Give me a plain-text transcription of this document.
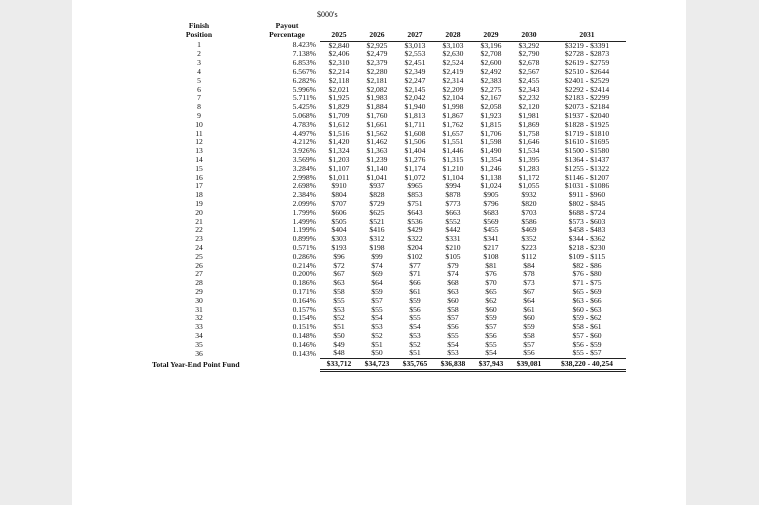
$000's
Finish	Payout							
Position	Percentage	2025	2026	2027	2028	2029	2030	2031
1	8.423%	$2,840	$2,925	$3,013	$3,103	$3,196	$3,292	$3219 - $3391
2	7.138%	$2,406	$2,479	$2,553	$2,630	$2,708	$2,790	$2728 - $2873
3	6.853%	$2,310	$2,379	$2,451	$2,524	$2,600	$2,678	$2619 - $2759
4	6.567%	$2,214	$2,280	$2,349	$2,419	$2,492	$2,567	$2510 - $2644
5	6.282%	$2,118	$2,181	$2,247	$2,314	$2,383	$2,455	$2401 - $2529
6	5.996%	$2,021	$2,082	$2,145	$2,209	$2,275	$2,343	$2292 - $2414
7	5.711%	$1,925	$1,983	$2,042	$2,104	$2,167	$2,232	$2183 - $2299
8	5.425%	$1,829	$1,884	$1,940	$1,998	$2,058	$2,120	$2073 - $2184
9	5.068%	$1,709	$1,760	$1,813	$1,867	$1,923	$1,981	$1937 - $2040
10	4.783%	$1,612	$1,661	$1,711	$1,762	$1,815	$1,869	$1828 - $1925
11	4.497%	$1,516	$1,562	$1,608	$1,657	$1,706	$1,758	$1719 - $1810
12	4.212%	$1,420	$1,462	$1,506	$1,551	$1,598	$1,646	$1610 - $1695
13	3.926%	$1,324	$1,363	$1,404	$1,446	$1,490	$1,534	$1500 - $1580
14	3.569%	$1,203	$1,239	$1,276	$1,315	$1,354	$1,395	$1364 - $1437
15	3.284%	$1,107	$1,140	$1,174	$1,210	$1,246	$1,283	$1255 - $1322
16	2.998%	$1,011	$1,041	$1,072	$1,104	$1,138	$1,172	$1146 - $1207
17	2.698%	$910	$937	$965	$994	$1,024	$1,055	$1031 - $1086
18	2.384%	$804	$828	$853	$878	$905	$932	$911 - $960
19	2.099%	$707	$729	$751	$773	$796	$820	$802 - $845
20	1.799%	$606	$625	$643	$663	$683	$703	$688 - $724
21	1.499%	$505	$521	$536	$552	$569	$586	$573 - $603
22	1.199%	$404	$416	$429	$442	$455	$469	$458 - $483
23	0.899%	$303	$312	$322	$331	$341	$352	$344 - $362
24	0.571%	$193	$198	$204	$210	$217	$223	$218 - $230
25	0.286%	$96	$99	$102	$105	$108	$112	$109 - $115
26	0.214%	$72	$74	$77	$79	$81	$84	$82 - $86
27	0.200%	$67	$69	$71	$74	$76	$78	$76 - $80
28	0.186%	$63	$64	$66	$68	$70	$73	$71 - $75
29	0.171%	$58	$59	$61	$63	$65	$67	$65 - $69
30	0.164%	$55	$57	$59	$60	$62	$64	$63 - $66
31	0.157%	$53	$55	$56	$58	$60	$61	$60 - $63
32	0.154%	$52	$54	$55	$57	$59	$60	$59 - $62
33	0.151%	$51	$53	$54	$56	$57	$59	$58 - $61
34	0.148%	$50	$52	$53	$55	$56	$58	$57 - $60
35	0.146%	$49	$51	$52	$54	$55	$57	$56 - $59
36	0.143%	$48	$50	$51	$53	$54	$56	$55 - $57
Total Year-End Point Fund		$33,712	$34,723	$35,765	$36,838	$37,943	$39,081	$38,220 - 40,254
